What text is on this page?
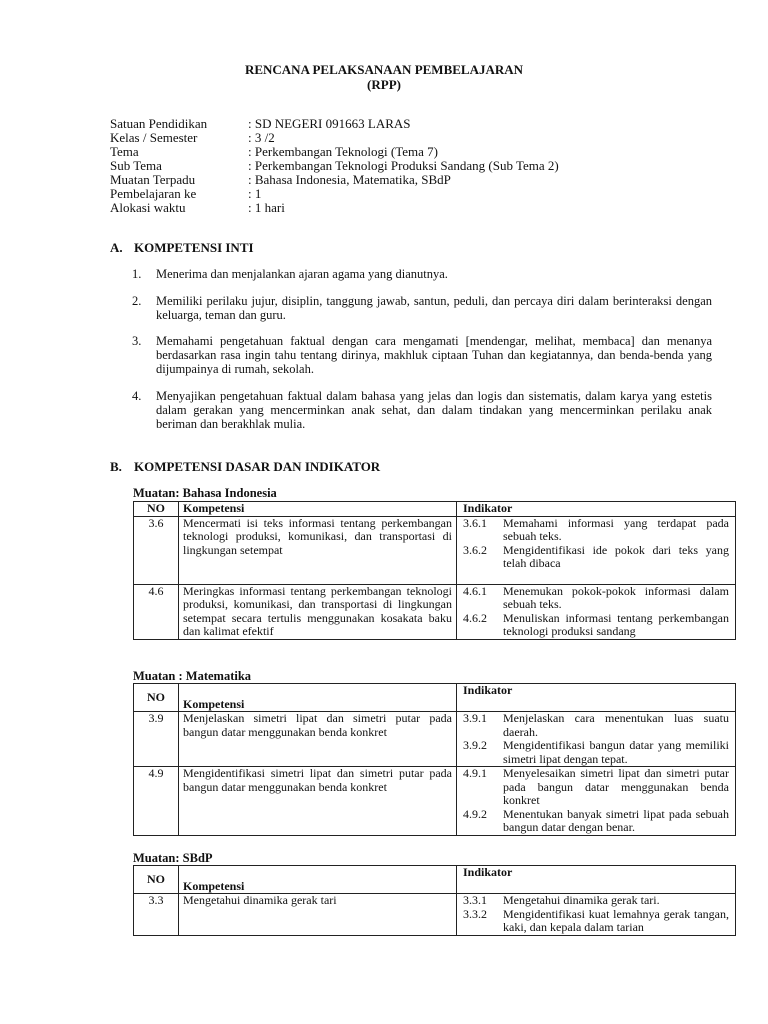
RENCANA PELAKSANAAN PEMBELAJARAN
(RPP)
Satuan Pendidikan	: SD NEGERI 091663 LARAS
Kelas / Semester	: 3 /2
Tema	: Perkembangan Teknologi (Tema 7)
Sub Tema	: Perkembangan Teknologi Produksi Sandang (Sub Tema 2)
Muatan Terpadu	: Bahasa Indonesia, Matematika, SBdP
Pembelajaran ke	: 1
Alokasi waktu	: 1 hari
A. KOMPETENSI INTI
1.	Menerima dan menjalankan ajaran agama yang dianutnya.
2.	Memiliki perilaku jujur, disiplin, tanggung jawab, santun, peduli, dan percaya diri dalam berinteraksi dengan keluarga, teman dan guru.
3.	Memahami pengetahuan faktual dengan cara mengamati [mendengar, melihat, membaca] dan menanya berdasarkan rasa ingin tahu tentang dirinya, makhluk ciptaan Tuhan dan kegiatannya, dan benda-benda yang dijumpainya di rumah, sekolah.
4.	Menyajikan pengetahuan faktual dalam bahasa yang jelas dan logis dan sistematis, dalam karya yang estetis dalam gerakan yang mencerminkan anak sehat, dan dalam tindakan yang mencerminkan perilaku anak beriman dan berakhlak mulia.
B. KOMPETENSI DASAR DAN INDIKATOR
Muatan: Bahasa Indonesia
NO	Kompetensi	Indikator
3.6	Mencermati isi teks informasi tentang perkembangan teknologi produksi, komunikasi, dan transportasi di lingkungan setempat	3.6.1 Memahami informasi yang terdapat pada sebuah teks.
3.6.2 Mengidentifikasi ide pokok dari teks yang telah dibaca

4.6	Meringkas informasi tentang perkembangan teknologi produksi, komunikasi, dan transportasi di lingkungan setempat secara tertulis menggunakan kosakata baku dan kalimat efektif	4.6.1 Menemukan pokok-pokok informasi dalam sebuah teks.
4.6.2 Menuliskan informasi tentang perkembangan teknologi produksi sandang
Muatan : Matematika
NO	Kompetensi	Indikator
3.9	Menjelaskan simetri lipat dan simetri putar pada bangun datar menggunakan benda konkret	3.9.1 Menjelaskan cara menentukan luas suatu daerah.
3.9.2 Mengidentifikasi bangun datar yang memiliki simetri lipat dengan tepat.

4.9	Mengidentifikasi simetri lipat dan simetri putar pada bangun datar menggunakan benda konkret	4.9.1 Menyelesaikan simetri lipat dan simetri putar pada bangun datar menggunakan benda konkret
4.9.2 Menentukan banyak simetri lipat pada sebuah bangun datar dengan benar.
Muatan: SBdP
NO	Kompetensi	Indikator
3.3	Mengetahui dinamika gerak tari	3.3.1 Mengetahui dinamika gerak tari.
3.3.2 Mengidentifikasi kuat lemahnya gerak tangan, kaki, dan kepala dalam tarian
